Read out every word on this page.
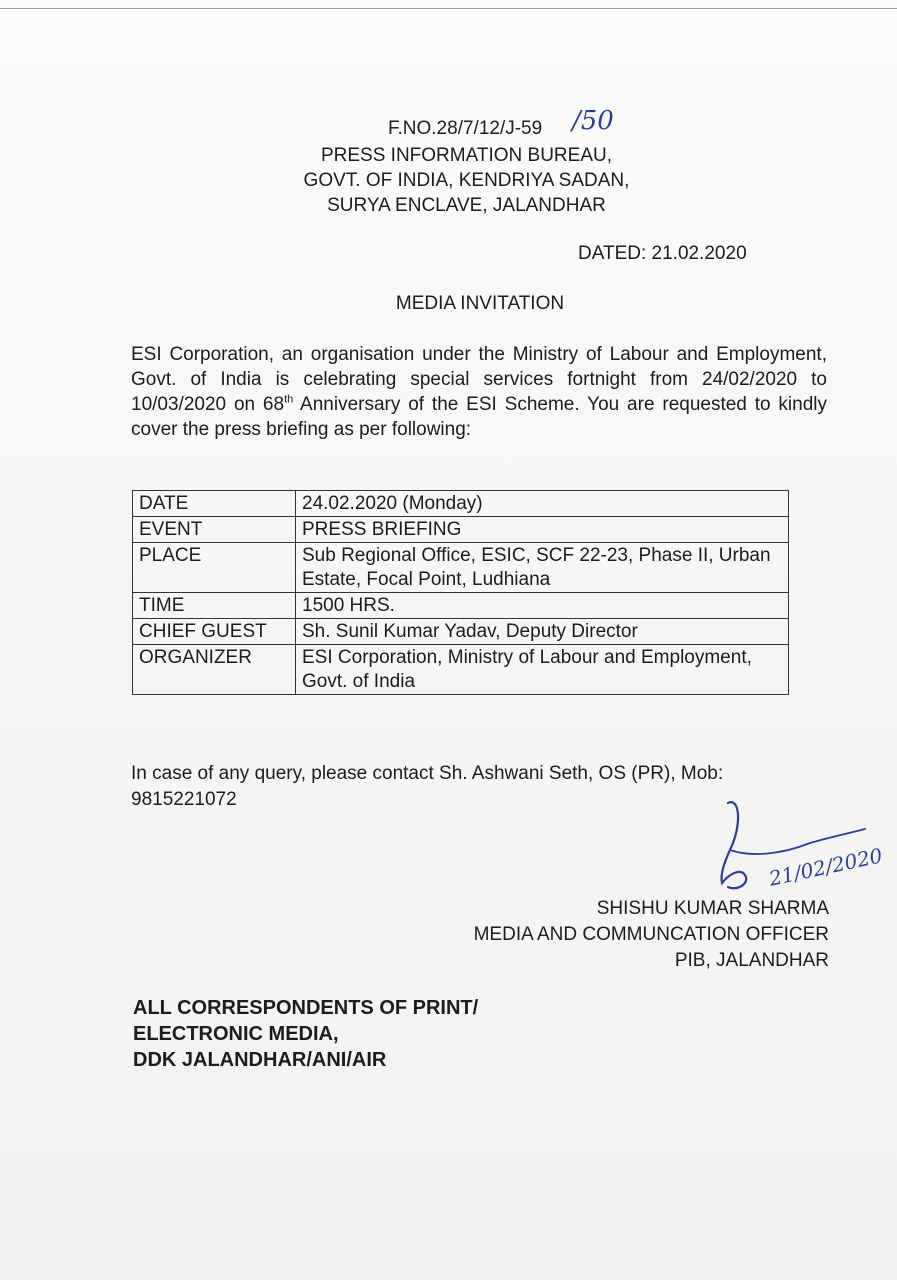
F.NO.28/7/12/J-59 /50
PRESS INFORMATION BUREAU,
GOVT. OF INDIA, KENDRIYA SADAN,
SURYA ENCLAVE, JALANDHAR
DATED: 21.02.2020
MEDIA INVITATION
ESI Corporation, an organisation under the Ministry of Labour and Employment, Govt. of India is celebrating special services fortnight from 24/02/2020 to 10/03/2020 on 68th Anniversary of the ESI Scheme. You are requested to kindly cover the press briefing as per following:
DATE	24.02.2020 (Monday)
EVENT	PRESS BRIEFING
PLACE	Sub Regional Office, ESIC, SCF 22-23, Phase II, Urban Estate, Focal Point, Ludhiana
TIME	1500 HRS.
CHIEF GUEST	Sh. Sunil Kumar Yadav, Deputy Director
ORGANIZER	ESI Corporation, Ministry of Labour and Employment, Govt. of India
In case of any query, please contact Sh. Ashwani Seth, OS (PR), Mob: 9815221072
21/02/2020
SHISHU KUMAR SHARMA
MEDIA AND COMMUNCATION OFFICER
PIB, JALANDHAR
ALL CORRESPONDENTS OF PRINT/
ELECTRONIC MEDIA,
DDK JALANDHAR/ANI/AIR
